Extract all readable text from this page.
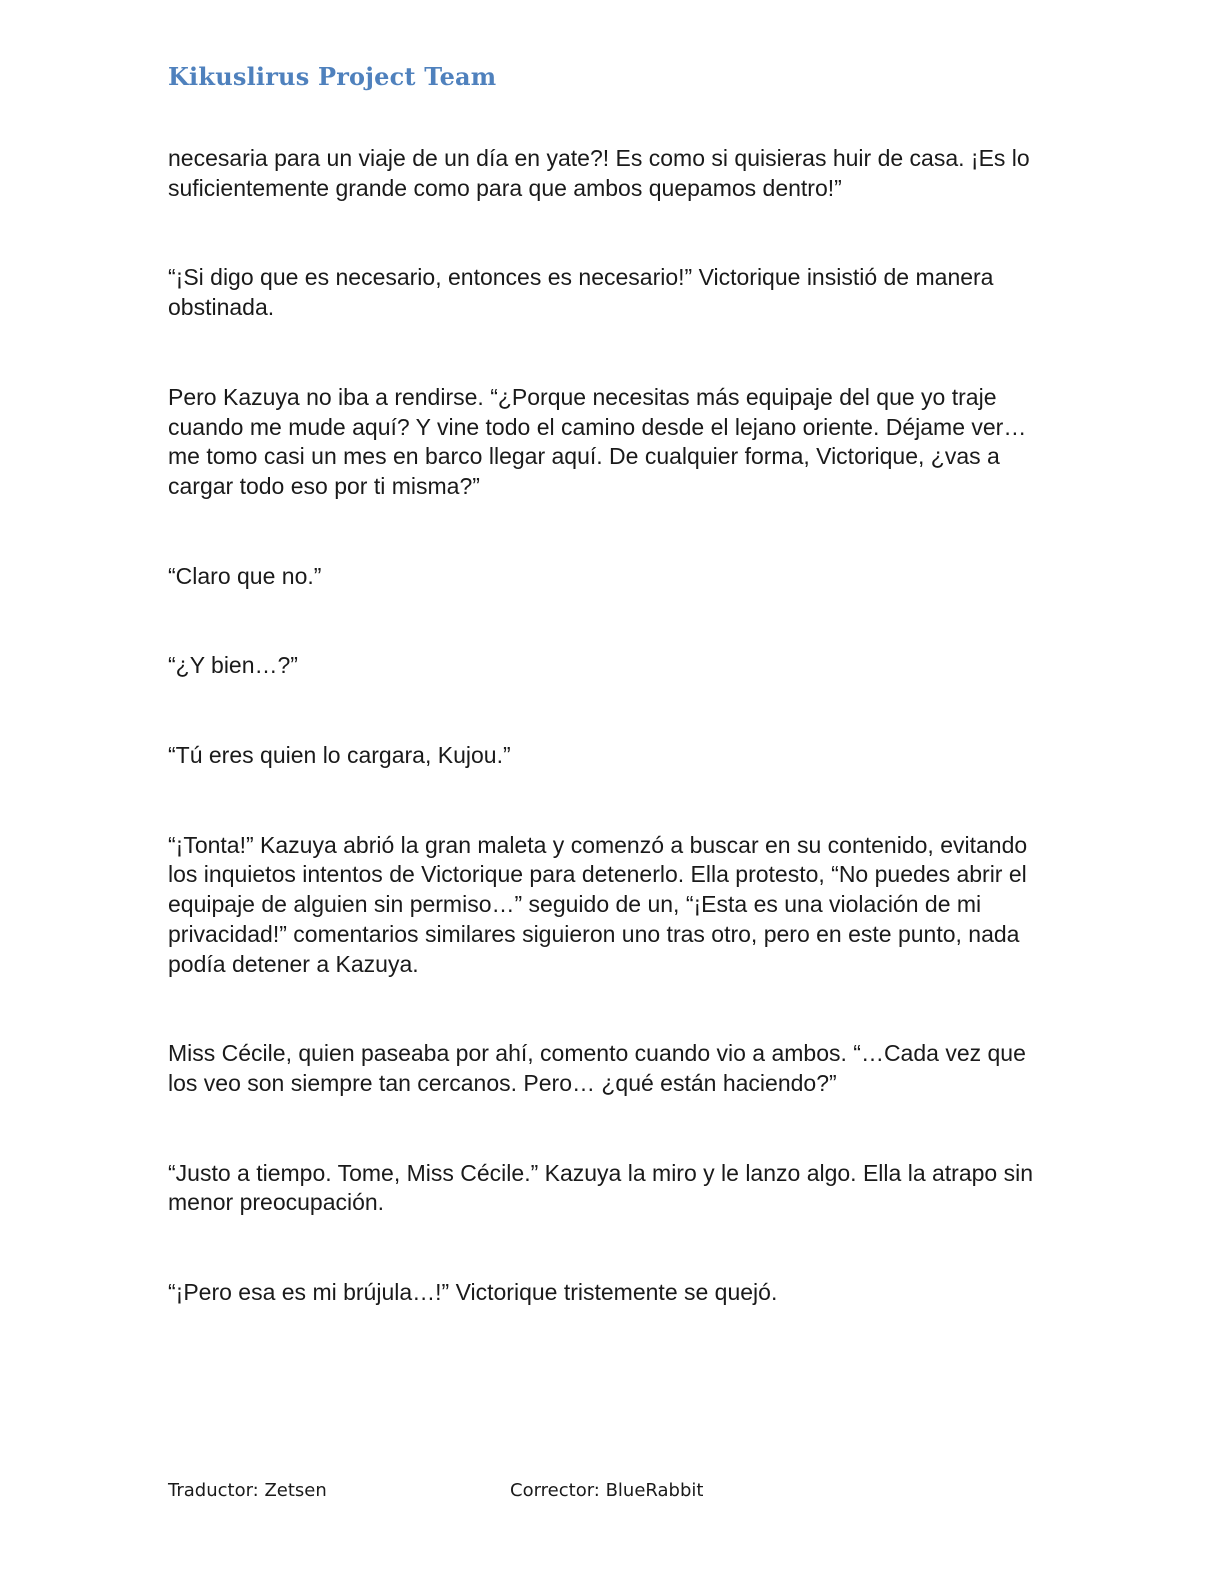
Kikuslirus Project Team

necesaria para un viaje de un día en yate?! Es como si quisieras huir de casa. ¡Es lo suficientemente grande como para que ambos quepamos dentro!”

“¡Si digo que es necesario, entonces es necesario!” Victorique insistió de manera obstinada.

Pero Kazuya no iba a rendirse. “¿Porque necesitas más equipaje del que yo traje cuando me mude aquí? Y vine todo el camino desde el lejano oriente. Déjame ver… me tomo casi un mes en barco llegar aquí. De cualquier forma, Victorique, ¿vas a cargar todo eso por ti misma?”

“Claro que no.”

“¿Y bien…?”

“Tú eres quien lo cargara, Kujou.”

“¡Tonta!” Kazuya abrió la gran maleta y comenzó a buscar en su contenido, evitando los inquietos intentos de Victorique para detenerlo. Ella protesto, “No puedes abrir el equipaje de alguien sin permiso…” seguido de un, “¡Esta es una violación de mi privacidad!” comentarios similares siguieron uno tras otro, pero en este punto, nada podía detener a Kazuya.

Miss Cécile, quien paseaba por ahí, comento cuando vio a ambos. “…Cada vez que los veo son siempre tan cercanos. Pero… ¿qué están haciendo?”

“Justo a tiempo. Tome, Miss Cécile.” Kazuya la miro y le lanzo algo. Ella la atrapo sin menor preocupación.

“¡Pero esa es mi brújula…!” Victorique tristemente se quejó.

Traductor: Zetsen	Corrector: BlueRabbit
